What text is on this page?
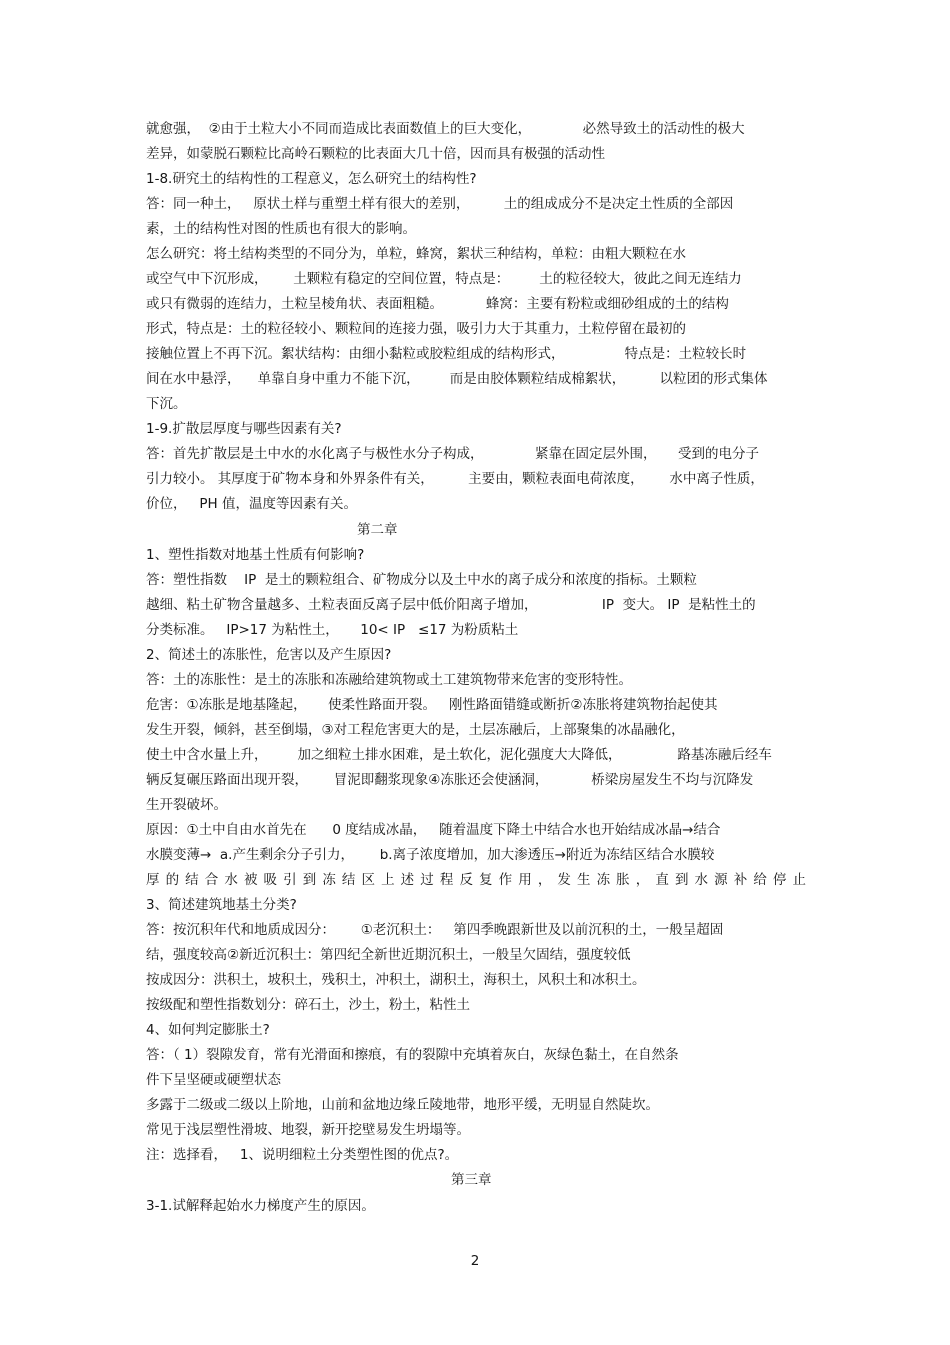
就愈强，  ②由于土粒大小不同而造成比表面数值上的巨大变化，            必然导致土的活动性的极大
差异，如蒙脱石颗粒比高岭石颗粒的比表面大几十倍，因而具有极强的活动性
1-8.研究土的结构性的工程意义，怎么研究土的结构性?
答：同一种土，   原状土样与重塑土样有很大的差别，        土的组成成分不是决定土性质的全部因
素，土的结构性对图的性质也有很大的影响。
怎么研究：将土结构类型的不同分为，单粒，蜂窝，絮状三种结构，单粒：由粗大颗粒在水
或空气中下沉形成，      土颗粒有稳定的空间位置，特点是：       土的粒径较大，彼此之间无连结力
或只有微弱的连结力，土粒呈棱角状、表面粗糙。          蜂窝：主要有粉粒或细砂组成的土的结构
形式，特点是：土的粒径较小、颗粒间的连接力强，吸引力大于其重力，土粒停留在最初的
接触位置上不再下沉。絮状结构：由细小黏粒或胶粒组成的结构形式，              特点是：土粒较长时
间在水中悬浮，    单靠自身中重力不能下沉，       而是由胶体颗粒结成棉絮状，        以粒团的形式集体
下沉。
1-9.扩散层厚度与哪些因素有关?
答：首先扩散层是土中水的水化离子与极性水分子构成，            紧靠在固定层外围，     受到的电分子
引力较小。 其厚度于矿物本身和外界条件有关，        主要由，颗粒表面电荷浓度，      水中离子性质，
价位，   PH 值，温度等因素有关。
第二章
1、塑性指数对地基土性质有何影响?
答：塑性指数    IP  是土的颗粒组合、矿物成分以及土中水的离子成分和浓度的指标。土颗粒
越细、粘土矿物含量越多、土粒表面反离子层中低价阳离子增加，               IP  变大。 IP  是粘性土的
分类标准。   IP>17 为粘性土，     10< IP   ≤17 为粉质粘土
2、简述土的冻胀性，危害以及产生原因?
答：土的冻胀性：是土的冻胀和冻融给建筑物或土工建筑物带来危害的变形特性。
危害：①冻胀是地基隆起，     使柔性路面开裂。   刚性路面错缝或断折②冻胀将建筑物抬起使其
发生开裂，倾斜，甚至倒塌，③对工程危害更大的是，土层冻融后，上部聚集的冰晶融化，
使土中含水量上升，       加之细粒土排水困难，是土软化，泥化强度大大降低，             路基冻融后经车
辆反复碾压路面出现开裂，      冒泥即翻浆现象④冻胀还会使涵洞，          桥梁房屋发生不均与沉降发
生开裂破坏。
原因：①土中自由水首先在      0 度结成冰晶，   随着温度下降土中结合水也开始结成冰晶→结合
水膜变薄→  a.产生剩余分子引力，      b.离子浓度增加，加大渗透压→附近为冻结区结合水膜较
厚的结合水被吸引到冻结区上述过程反复作用，发生冻胀，直到水源补给停止
3、简述建筑地基土分类?
答：按沉积年代和地质成因分：      ①老沉积土：   第四季晚跟新世及以前沉积的土，一般呈超固
结，强度较高②新近沉积土：第四纪全新世近期沉积土，一般呈欠固结，强度较低
按成因分：洪积土，坡积土，残积土，冲积土，湖积土，海积土，风积土和冰积土。
按级配和塑性指数划分：碎石土，沙土，粉土，粘性土
4、如何判定膨胀土?
答：（ 1）裂隙发育，常有光滑面和擦痕，有的裂隙中充填着灰白，灰绿色黏土，在自然条
件下呈坚硬或硬塑状态
多露于二级或二级以上阶地，山前和盆地边缘丘陵地带，地形平缓，无明显自然陡坎。
常见于浅层塑性滑坡、地裂，新开挖壁易发生坍塌等。
注：选择看，   1、说明细粒土分类塑性图的优点?。
第三章
3-1.试解释起始水力梯度产生的原因。
2
